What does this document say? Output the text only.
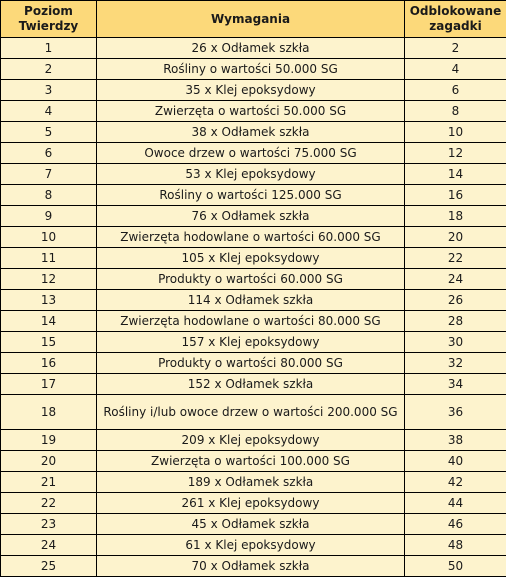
Poziom Twierdzy	Wymagania	Odblokowane zagadki
1	26 x Odłamek szkła	2
2	Rośliny o wartości 50.000 SG	4
3	35 x Klej epoksydowy	6
4	Zwierzęta o wartości 50.000 SG	8
5	38 x Odłamek szkła	10
6	Owoce drzew o wartości 75.000 SG	12
7	53 x Klej epoksydowy	14
8	Rośliny o wartości 125.000 SG	16
9	76 x Odłamek szkła	18
10	Zwierzęta hodowlane o wartości 60.000 SG	20
11	105 x Klej epoksydowy	22
12	Produkty o wartości 60.000 SG	24
13	114 x Odłamek szkła	26
14	Zwierzęta hodowlane o wartości 80.000 SG	28
15	157 x Klej epoksydowy	30
16	Produkty o wartości 80.000 SG	32
17	152 x Odłamek szkła	34
18	Rośliny i/lub owoce drzew o wartości 200.000 SG	36
19	209 x Klej epoksydowy	38
20	Zwierzęta o wartości 100.000 SG	40
21	189 x Odłamek szkła	42
22	261 x Klej epoksydowy	44
23	45 x Odłamek szkła	46
24	61 x Klej epoksydowy	48
25	70 x Odłamek szkła	50
